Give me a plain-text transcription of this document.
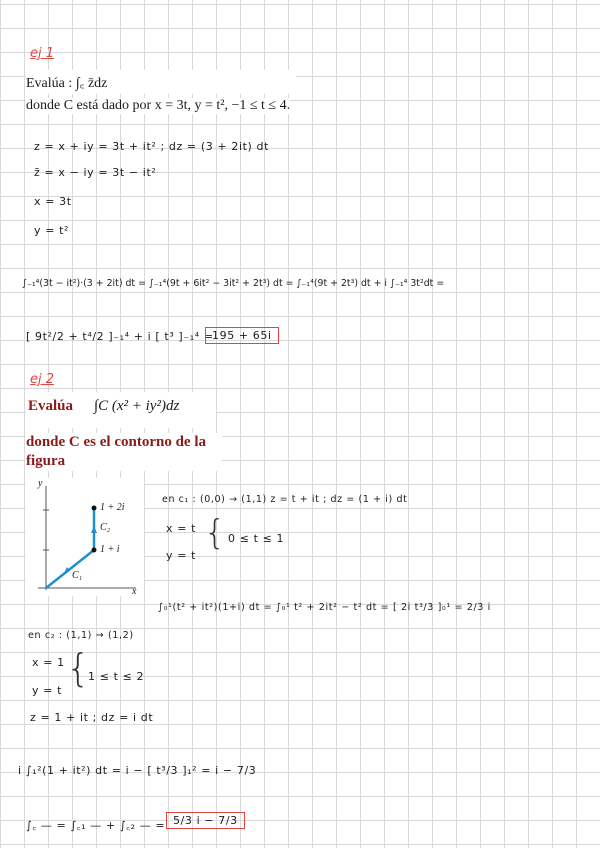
ej 1
Evalúa : ∫꜀ z̄dz
donde C está dado por x = 3t, y = t², −1 ≤ t ≤ 4.
z = x + iy = 3t + it² ; dz = (3 + 2it) dt
z̄ = x − iy = 3t − it²
x = 3t
y = t²
∫₋₁⁴(3t − it²)·(3 + 2it) dt = ∫₋₁⁴(9t + 6it² − 3it² + 2t³) dt = ∫₋₁⁴(9t + 2t³) dt + i ∫₋₁⁴ 3t²dt =
[ 9t²/2 + t⁴/2 ]₋₁⁴ + i [ t³ ]₋₁⁴ =
195 + 65i
ej 2
Evalúa ∫C (x² + iy²)dz
donde C es el contorno de la figura
y
x
1 + 2i
1 + i
C₂
C₁
en c₁ : (0,0) → (1,1) z = t + it ; dz = (1 + i) dt
x = t
y = t
{ 0 ≤ t ≤ 1
∫₀¹(t² + it²)(1+i) dt = ∫₀¹ t² + 2it² − t² dt = [ 2i t³/3 ]₀¹ = 2/3 i
en c₂ : (1,1) → (1,2)
x = 1
y = t
{
1 ≤ t ≤ 2
z = 1 + it ; dz = i dt
i ∫₁²(1 + it²) dt = i − [ t³/3 ]₁² = i − 7/3
∫꜀ — = ∫꜀₁ — + ∫꜀₂ — = 5/3 i − 7/3
